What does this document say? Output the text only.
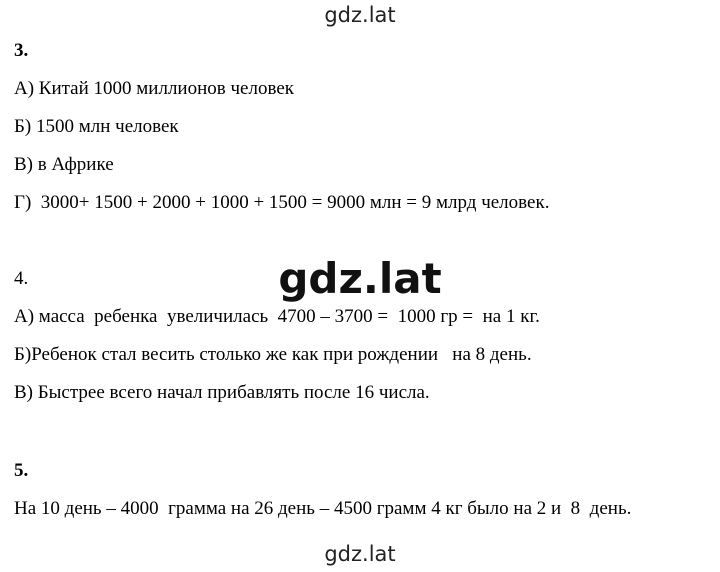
gdz.lat
3.
А) Китай 1000 миллионов человек
Б) 1500 млн человек
В) в Африке
Г)  3000+ 1500 + 2000 + 1000 + 1500 = 9000 млн = 9 млрд человек.
4.	gdz.lat
А) масса  ребенка  увеличилась  4700 – 3700 =  1000 гр =  на 1 кг.
Б)Ребенок стал весить столько же как при рождении   на 8 день.
В) Быстрее всего начал прибавлять после 16 числа.
5.
На 10 день – 4000  грамма на 26 день – 4500 грамм 4 кг было на 2 и  8  день.
gdz.lat
